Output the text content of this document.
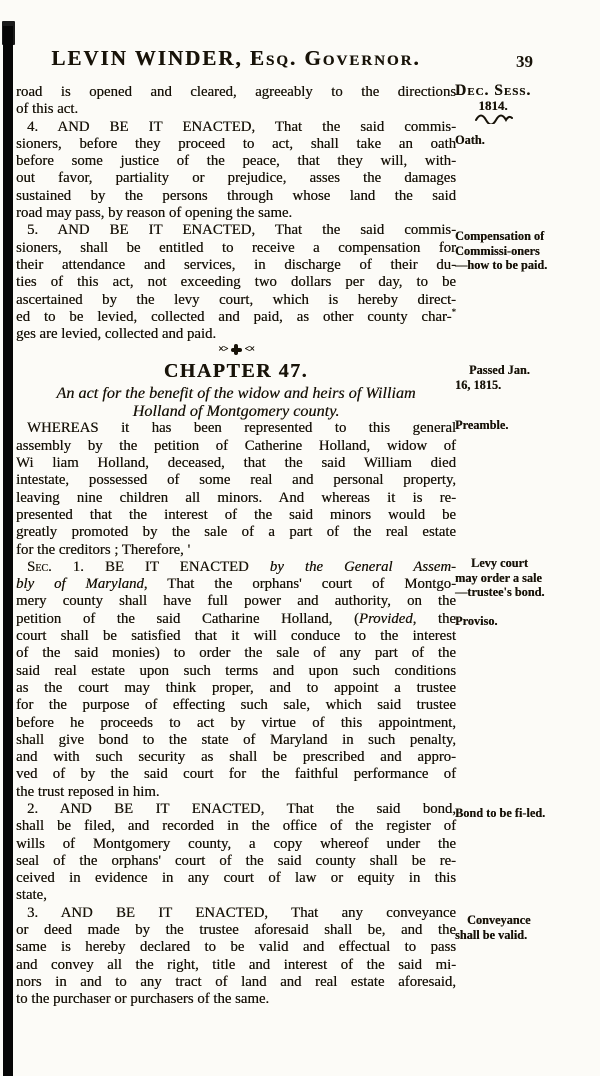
LEVIN WINDER, Esq. Governor.	39
road is opened and cleared, agreeably to the directions
of this act.
4. AND BE IT ENACTED, That the said commis-
sioners, before they proceed to act, shall take an oath
before some justice of the peace, that they will, with-
out favor, partiality or prejudice, asses the damages
sustained by the persons through whose land the said
road may pass, by reason of opening the same.
5. AND BE IT ENACTED, That the said commis-
sioners, shall be entitled to receive a compensation for
their attendance and services, in discharge of their du-
ties of this act, not exceeding two dollars per day, to be
ascertained by the levy court, which is hereby direct-
ed to be levied, collected and paid, as other county char-*
ges are levied, collected and paid.
×> <×
CHAPTER 47.
An act for the benefit of the widow and heirs of William
Holland of Montgomery county.
WHEREAS it has been represented to this general
assembly by the petition of Catherine Holland, widow of
Wi liam Holland, deceased, that the said William died
intestate, possessed of some real and personal property,
leaving nine children all minors. And whereas it is re-
presented that the interest of the said minors would be
greatly promoted by the sale of a part of the real estate
for the creditors ; Therefore, '
Sec. 1. BE IT ENACTED by the General Assem-
bly of Maryland, That the orphans' court of Montgo-
mery county shall have full power and authority, on the
petition of the said Catharine Holland, (Provided, the
court shall be satisfied that it will conduce to the interest
of the said monies) to order the sale of any part of the
said real estate upon such terms and upon such conditions
as the court may think proper, and to appoint a trustee
for the purpose of effecting such sale, which said trustee
before he proceeds to act by virtue of this appointment,
shall give bond to the state of Maryland in such penalty,
and with such security as shall be prescribed and appro-
ved of by the said court for the faithful performance of
the trust reposed in him.
2. AND BE IT ENACTED, That the said bond,
shall be filed, and recorded in the office of the register of
wills of Montgomery county, a copy whereof under the
seal of the orphans' court of the said county shall be re-
ceived in evidence in any court of law or equity in this
state,
3. AND BE IT ENACTED, That any conveyance
or deed made by the trustee aforesaid shall be, and the
same is hereby declared to be valid and effectual to pass
and convey all the right, title and interest of the said mi-
nors in and to any tract of land and real estate aforesaid,
to the purchaser or purchasers of the same.
Dec. Sess.
1814.
Oath.
Compensation of Commissi-oners—how to be paid.
Passed Jan. 16, 1815.
Preamble.
Levy court may order a sale—trustee's bond.
Proviso.
Bond to be fi-led.
Conveyance shall be valid.
